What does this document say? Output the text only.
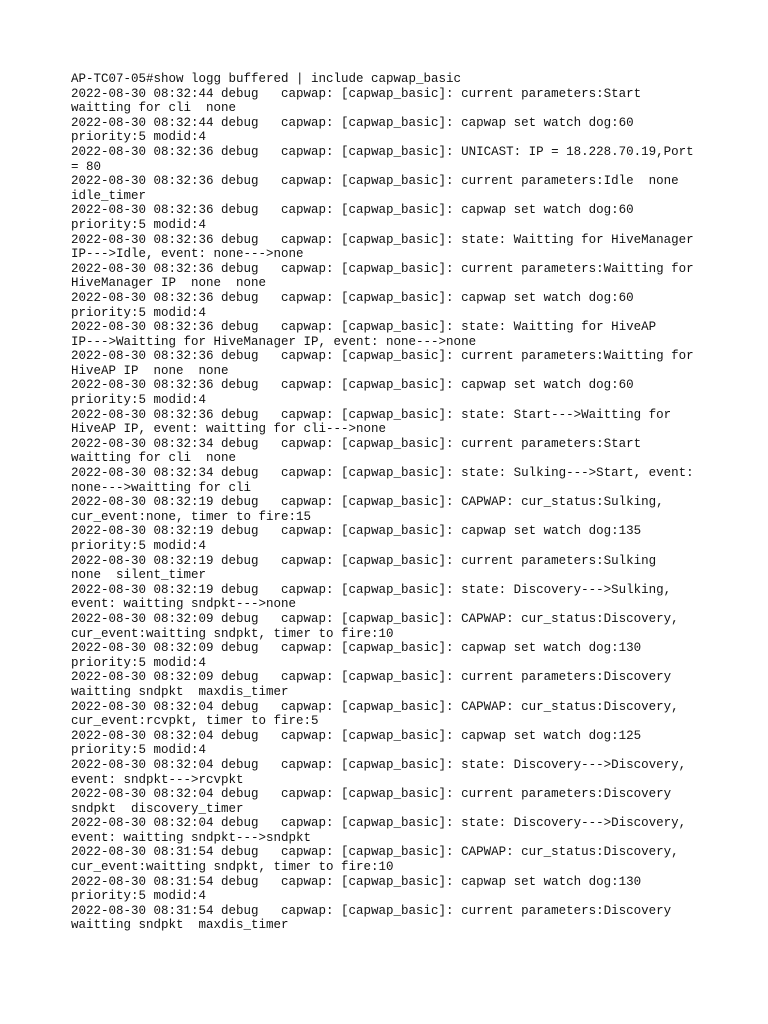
AP-TC07-05#show logg buffered | include capwap_basic
2022-08-30 08:32:44 debug   capwap: [capwap_basic]: current parameters:Start
waitting for cli  none
2022-08-30 08:32:44 debug   capwap: [capwap_basic]: capwap set watch dog:60
priority:5 modid:4
2022-08-30 08:32:36 debug   capwap: [capwap_basic]: UNICAST: IP = 18.228.70.19,Port
= 80
2022-08-30 08:32:36 debug   capwap: [capwap_basic]: current parameters:Idle  none
idle_timer
2022-08-30 08:32:36 debug   capwap: [capwap_basic]: capwap set watch dog:60
priority:5 modid:4
2022-08-30 08:32:36 debug   capwap: [capwap_basic]: state: Waitting for HiveManager
IP--->Idle, event: none--->none
2022-08-30 08:32:36 debug   capwap: [capwap_basic]: current parameters:Waitting for
HiveManager IP  none  none
2022-08-30 08:32:36 debug   capwap: [capwap_basic]: capwap set watch dog:60
priority:5 modid:4
2022-08-30 08:32:36 debug   capwap: [capwap_basic]: state: Waitting for HiveAP
IP--->Waitting for HiveManager IP, event: none--->none
2022-08-30 08:32:36 debug   capwap: [capwap_basic]: current parameters:Waitting for
HiveAP IP  none  none
2022-08-30 08:32:36 debug   capwap: [capwap_basic]: capwap set watch dog:60
priority:5 modid:4
2022-08-30 08:32:36 debug   capwap: [capwap_basic]: state: Start--->Waitting for
HiveAP IP, event: waitting for cli--->none
2022-08-30 08:32:34 debug   capwap: [capwap_basic]: current parameters:Start
waitting for cli  none
2022-08-30 08:32:34 debug   capwap: [capwap_basic]: state: Sulking--->Start, event:
none--->waitting for cli
2022-08-30 08:32:19 debug   capwap: [capwap_basic]: CAPWAP: cur_status:Sulking,
cur_event:none, timer to fire:15
2022-08-30 08:32:19 debug   capwap: [capwap_basic]: capwap set watch dog:135
priority:5 modid:4
2022-08-30 08:32:19 debug   capwap: [capwap_basic]: current parameters:Sulking
none  silent_timer
2022-08-30 08:32:19 debug   capwap: [capwap_basic]: state: Discovery--->Sulking,
event: waitting sndpkt--->none
2022-08-30 08:32:09 debug   capwap: [capwap_basic]: CAPWAP: cur_status:Discovery,
cur_event:waitting sndpkt, timer to fire:10
2022-08-30 08:32:09 debug   capwap: [capwap_basic]: capwap set watch dog:130
priority:5 modid:4
2022-08-30 08:32:09 debug   capwap: [capwap_basic]: current parameters:Discovery
waitting sndpkt  maxdis_timer
2022-08-30 08:32:04 debug   capwap: [capwap_basic]: CAPWAP: cur_status:Discovery,
cur_event:rcvpkt, timer to fire:5
2022-08-30 08:32:04 debug   capwap: [capwap_basic]: capwap set watch dog:125
priority:5 modid:4
2022-08-30 08:32:04 debug   capwap: [capwap_basic]: state: Discovery--->Discovery,
event: sndpkt--->rcvpkt
2022-08-30 08:32:04 debug   capwap: [capwap_basic]: current parameters:Discovery
sndpkt  discovery_timer
2022-08-30 08:32:04 debug   capwap: [capwap_basic]: state: Discovery--->Discovery,
event: waitting sndpkt--->sndpkt
2022-08-30 08:31:54 debug   capwap: [capwap_basic]: CAPWAP: cur_status:Discovery,
cur_event:waitting sndpkt, timer to fire:10
2022-08-30 08:31:54 debug   capwap: [capwap_basic]: capwap set watch dog:130
priority:5 modid:4
2022-08-30 08:31:54 debug   capwap: [capwap_basic]: current parameters:Discovery
waitting sndpkt  maxdis_timer
